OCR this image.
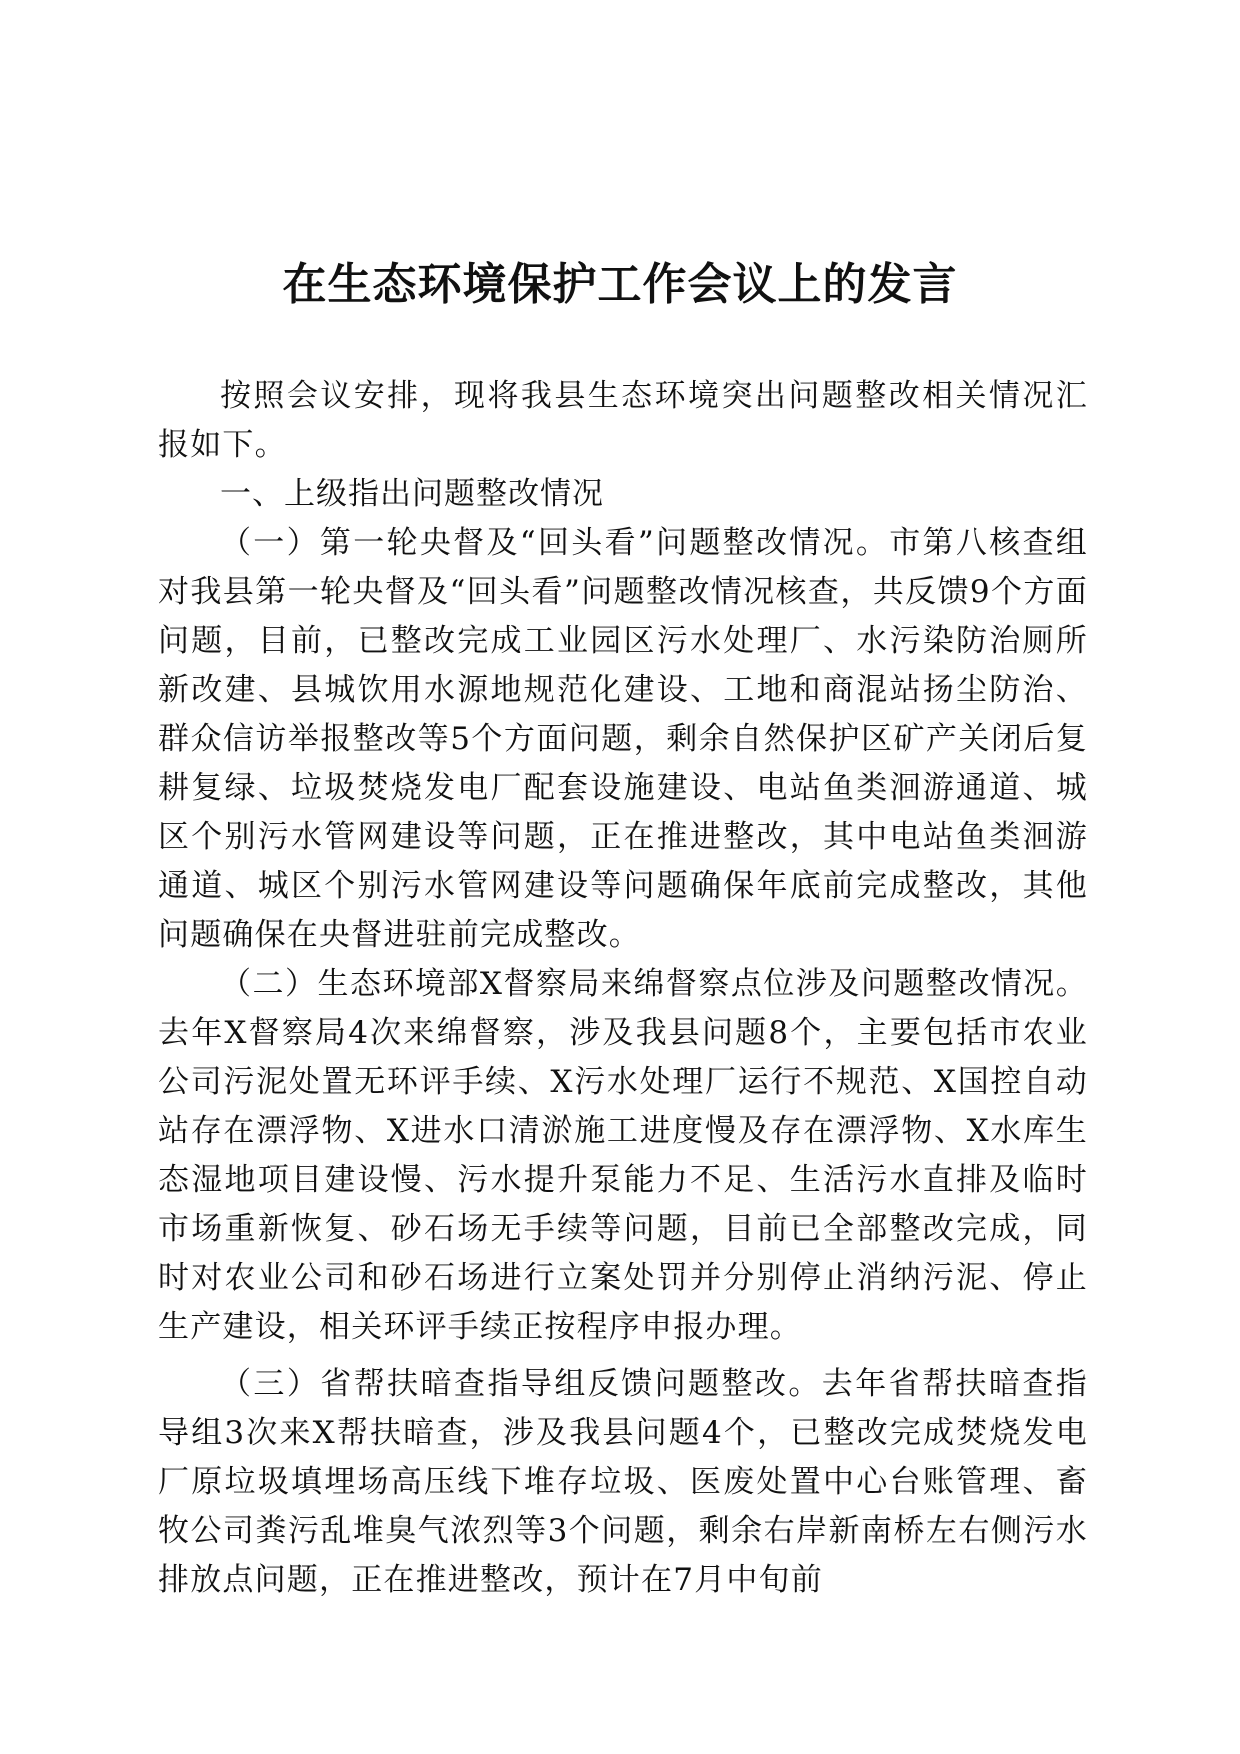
在生态环境保护工作会议上的发言

按照会议安排，现将我县生态环境突出问题整改相关情况汇报如下。

一、上级指出问题整改情况

（一）第一轮央督及“回头看”问题整改情况。市第八核查组对我县第一轮央督及“回头看”问题整改情况核查，共反馈9个方面问题，目前，已整改完成工业园区污水处理厂、水污染防治厕所新改建、县城饮用水源地规范化建设、工地和商混站扬尘防治、群众信访举报整改等5个方面问题，剩余自然保护区矿产关闭后复耕复绿、垃圾焚烧发电厂配套设施建设、电站鱼类洄游通道、城区个别污水管网建设等问题，正在推进整改，其中电站鱼类洄游通道、城区个别污水管网建设等问题确保年底前完成整改，其他问题确保在央督进驻前完成整改。

（二）生态环境部X督察局来绵督察点位涉及问题整改情况。去年X督察局4次来绵督察，涉及我县问题8个，主要包括市农业公司污泥处置无环评手续、X污水处理厂运行不规范、X国控自动站存在漂浮物、X进水口清淤施工进度慢及存在漂浮物、X水库生态湿地项目建设慢、污水提升泵能力不足、生活污水直排及临时市场重新恢复、砂石场无手续等问题，目前已全部整改完成，同时对农业公司和砂石场进行立案处罚并分别停止消纳污泥、停止生产建设，相关环评手续正按程序申报办理。

（三）省帮扶暗查指导组反馈问题整改。去年省帮扶暗查指导组3次来X帮扶暗查，涉及我县问题4个，已整改完成焚烧发电厂原垃圾填埋场高压线下堆存垃圾、医废处置中心台账管理、畜牧公司粪污乱堆臭气浓烈等3个问题，剩余右岸新南桥左右侧污水排放点问题，正在推进整改，预计在7月中旬前
